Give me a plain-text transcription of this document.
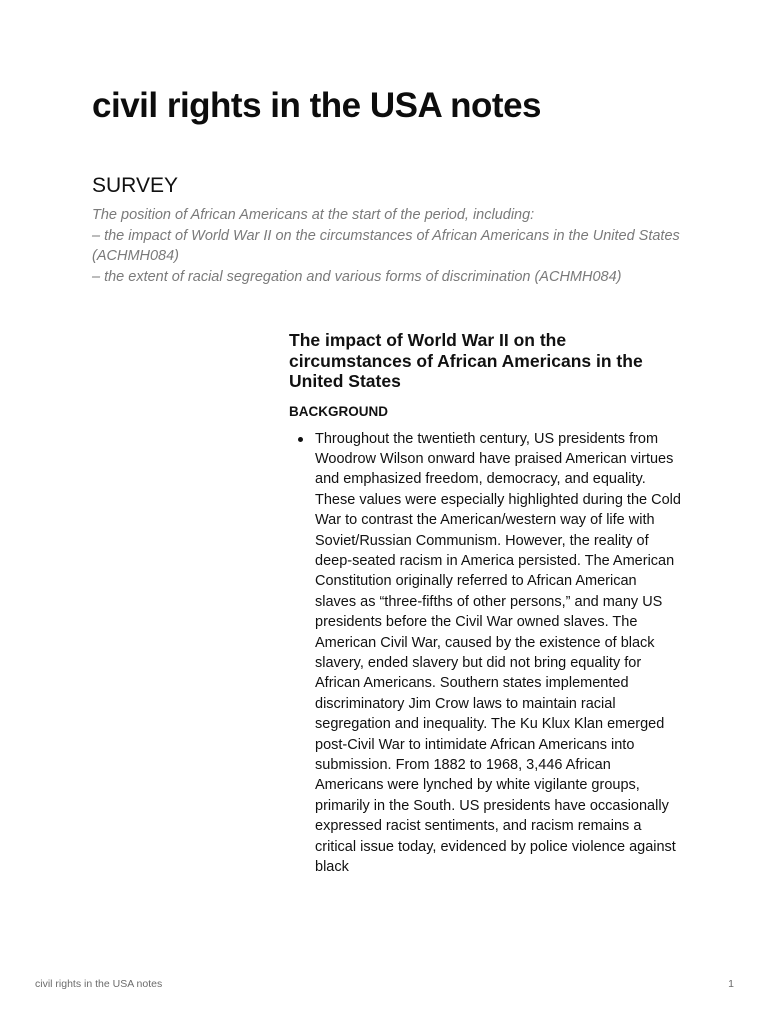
civil rights in the USA notes
SURVEY

The position of African Americans at the start of the period, including:
– the impact of World War II on the circumstances of African Americans in the United States
(ACHMH084)
– the extent of racial segregation and various forms of discrimination (ACHMH084)

The impact of World War II on the circumstances of African Americans in the United States
BACKGROUND
Throughout the twentieth century, US presidents from Woodrow Wilson onward have praised American virtues and emphasized freedom, democracy, and equality. These values were especially highlighted during the Cold War to contrast the American/western way of life with Soviet/Russian Communism. However, the reality of deep-seated racism in America persisted. The American Constitution originally referred to African American slaves as “three-fifths of other persons,” and many US presidents before the Civil War owned slaves. The American Civil War, caused by the existence of black slavery, ended slavery but did not bring equality for African Americans. Southern states implemented discriminatory Jim Crow laws to maintain racial segregation and inequality. The Ku Klux Klan emerged post-Civil War to intimidate African Americans into submission. From 1882 to 1968, 3,446 African Americans were lynched by white vigilante groups, primarily in the South. US presidents have occasionally expressed racist sentiments, and racism remains a critical issue today, evidenced by police violence against black
civil rights in the USA notes	1
